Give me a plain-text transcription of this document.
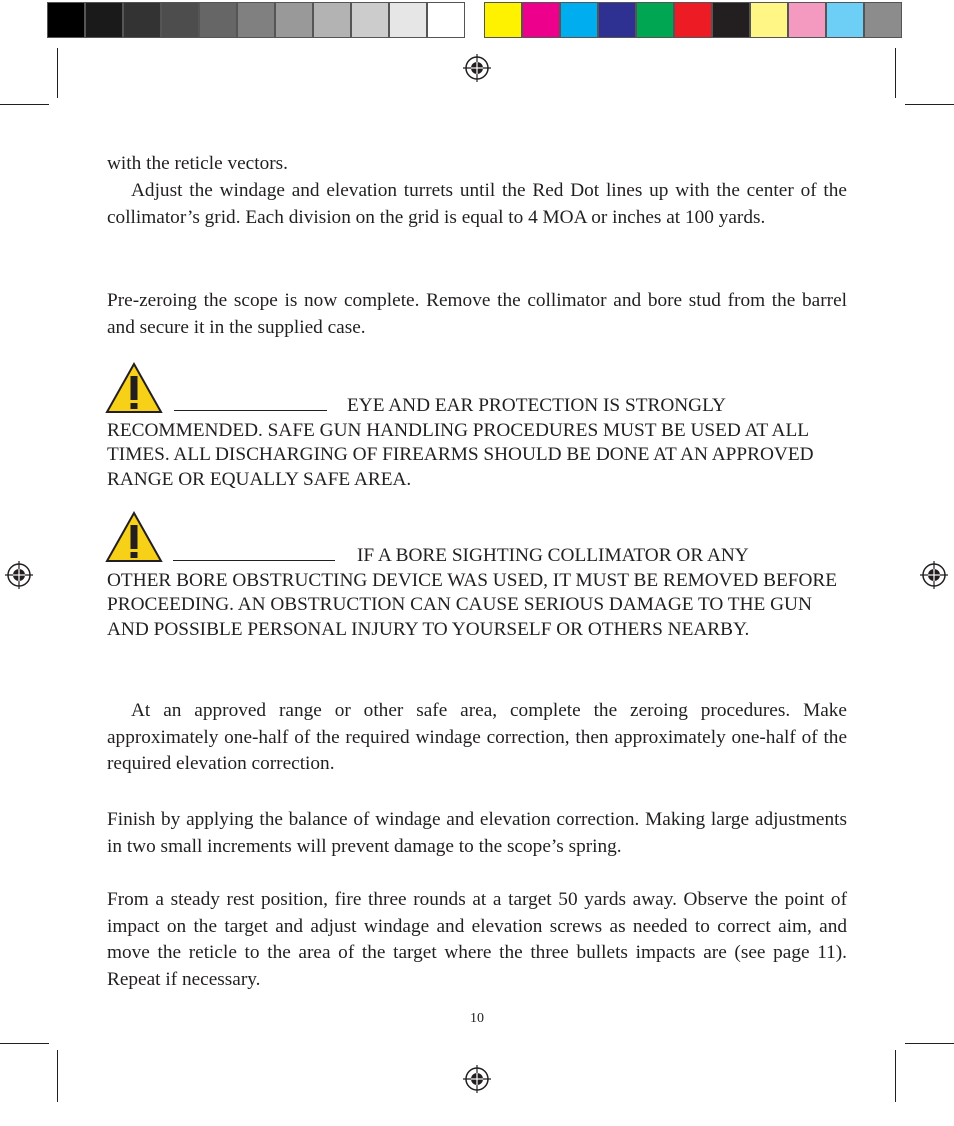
with the reticle vectors.
Adjust the windage and elevation turrets until the Red Dot lines up with the center of the collimator’s grid. Each division on the grid is equal to 4 MOA or inches at 100 yards.
Pre-zeroing the scope is now complete. Remove the collimator and bore stud from the barrel and secure it in the supplied case.
EYE AND EAR PROTECTION IS STRONGLY
RECOMMENDED. SAFE GUN HANDLING PROCEDURES MUST BE USED AT ALL TIMES. ALL DISCHARGING OF FIREARMS SHOULD BE DONE AT AN APPROVED RANGE OR EQUALLY SAFE AREA.
IF A BORE SIGHTING COLLIMATOR OR ANY
OTHER BORE OBSTRUCTING DEVICE WAS USED, IT MUST BE REMOVED BEFORE PROCEEDING. AN OBSTRUCTION CAN CAUSE SERIOUS DAMAGE TO THE GUN AND POSSIBLE PERSONAL INJURY TO YOURSELF OR OTHERS NEARBY.
At an approved range or other safe area, complete the zeroing procedures. Make approximately one-half of the required windage correction, then approximately one-half of the required elevation correction.
Finish by applying the balance of windage and elevation correction. Making large adjustments in two small increments will prevent damage to the scope’s spring.
From a steady rest position, fire three rounds at a target 50 yards away. Observe the point of impact on the target and adjust windage and elevation screws as needed to correct aim, and move the reticle to the area of the target where the three bullets impacts are (see page 11). Repeat if necessary.
10
